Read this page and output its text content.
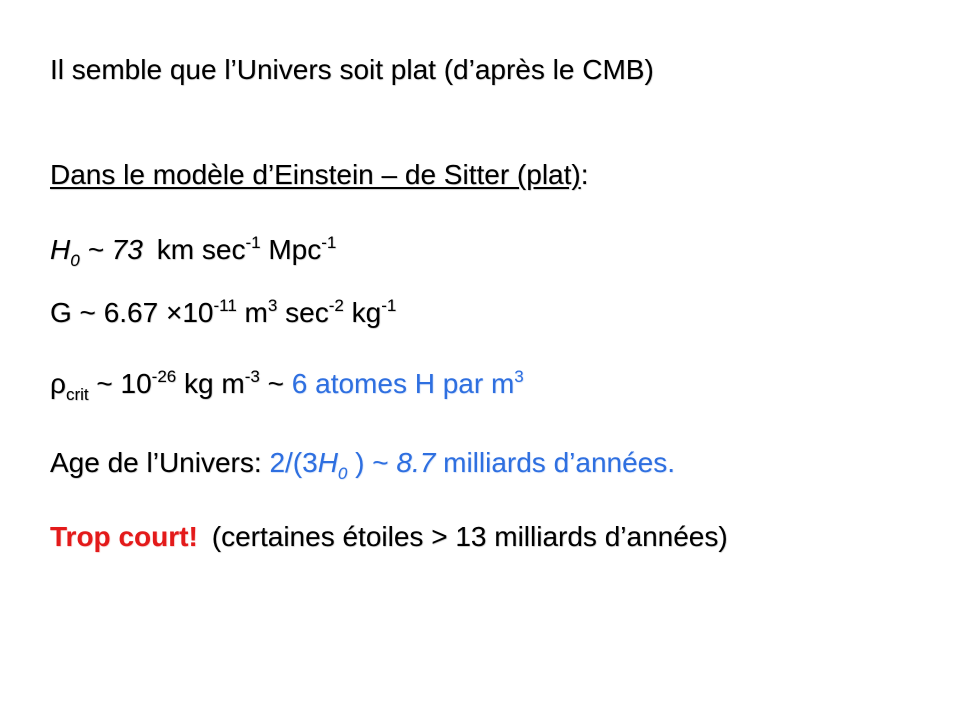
Il semble que l’Univers soit plat (d’après le CMB)
Dans le modèle d’Einstein – de Sitter (plat):
$H_0$ ~ 73 km $\sec^{-1} Mpc^{-1}$
G ~ $6.67 \times 10^{-11}$ $m^3$ $\sec^{-2} kg^{-1}$
$\rho_{crit}$ ~ $10^{-26}$ kg $m^{-3}$ ~ 6 atomes H par $m^3$
Age de l’Univers: $2/(3H_0$ ) ~ 8.7 milliards d’années.
Trop court! (certaines étoiles > 13 milliards d’années)
